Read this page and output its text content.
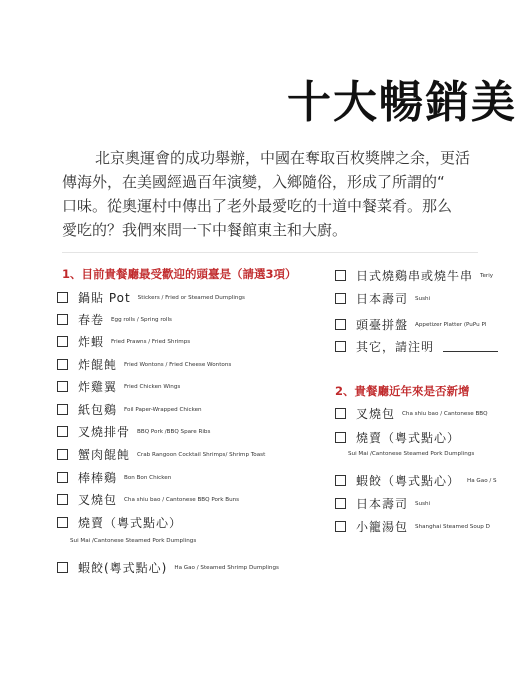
十大暢銷美
北京奧運會的成功舉辦，中國在奪取百枚獎牌之余，更活
傳海外，在美國經過百年演變，入鄉隨俗，形成了所謂的“
口味。從奧運村中傳出了老外最愛吃的十道中餐菜肴。那么
愛吃的？我們來問一下中餐館東主和大廚。
1、目前貴餐廳最受歡迎的頭臺是（請選3項）
鍋貼 Pot Stickers / Fried or Steamed Dumplings
春卷 Egg rolls / Spring rolls
炸蝦 Fried Prawns / Fried Shrimps
炸餛飩 Fried Wontons / Fried Cheese Wontons
炸雞翼 Fried Chicken Wings
紙包鷄 Foil Paper-Wrapped Chicken
叉燒排骨 BBQ Pork /BBQ Spare Ribs
蟹肉餛飩 Crab Rangoon Cocktail Shrimps/ Shrimp Toast
棒棒鷄 Bon Bon Chicken
叉燒包 Cha shiu bao / Cantonese BBQ Pork Buns
燒賣（粵式點心）
Sui Mai /Cantonese Steamed Pork Dumplings
蝦餃(粵式點心) Ha Gao / Steamed Shrimp Dumplings
日式燒鷄串或燒牛串 Teriy
日本壽司 Sushi
頭臺拼盤 Appetizer Platter (PuPu Pl
其它，請注明
2、貴餐廳近年來是否新增
叉燒包 Cha shiu bao / Cantonese BBQ
燒賣（粵式點心）
Sui Mai /Cantonese Steamed Pork Dumplings
蝦餃（粵式點心） Ha Gao / S
日本壽司 Sushi
小籠湯包 Shanghai Steamed Soup D
